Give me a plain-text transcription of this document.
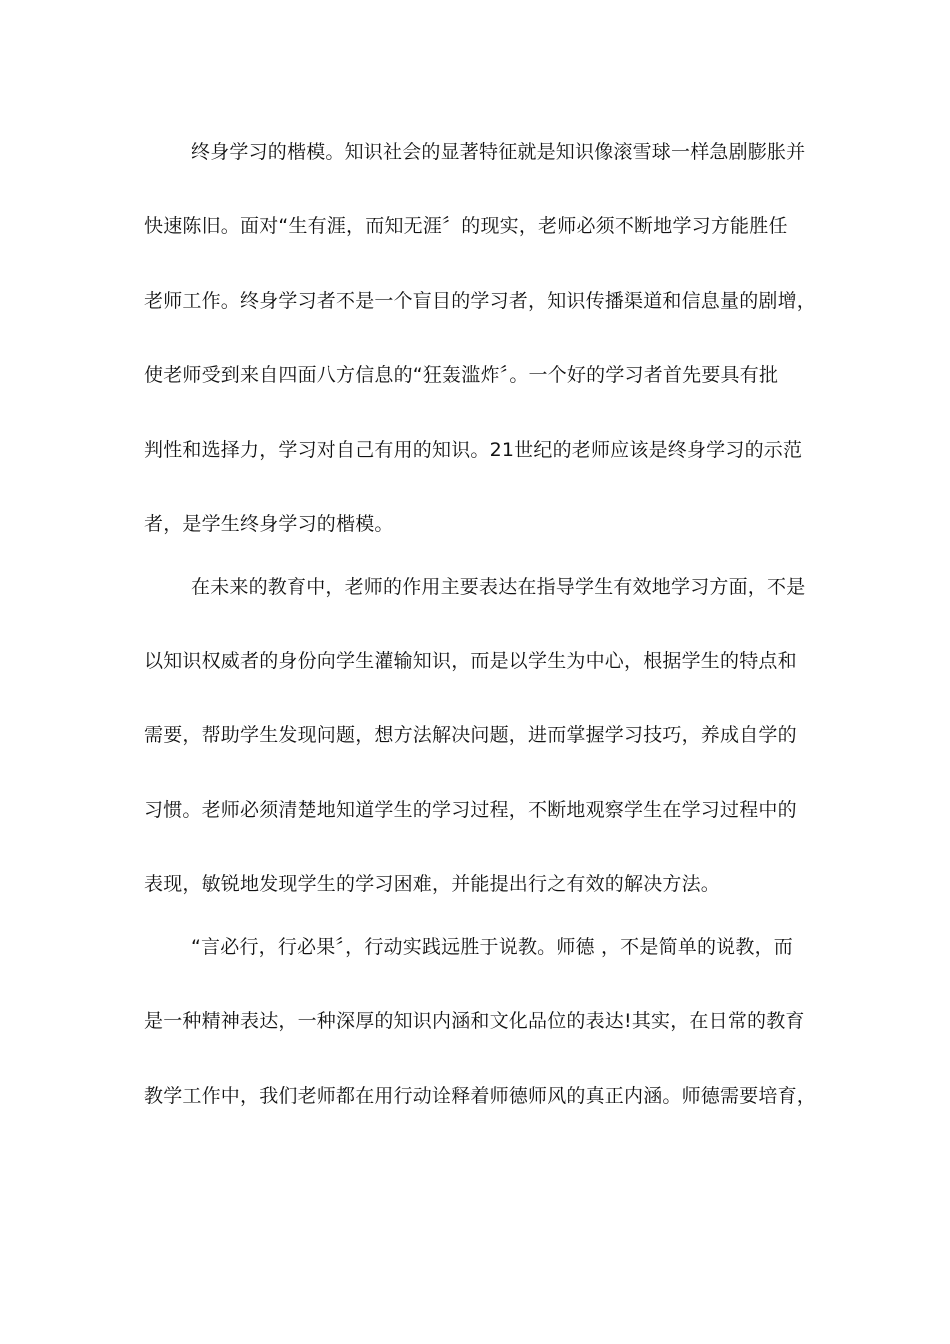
终身学习的楷模。知识社会的显著特征就是知识像滚雪球一样急剧膨胀并
快速陈旧。面对“生有涯，而知无涯〞的现实，老师必须不断地学习方能胜任
老师工作。终身学习者不是一个盲目的学习者，知识传播渠道和信息量的剧增，
使老师受到来自四面八方信息的“狂轰滥炸〞。一个好的学习者首先要具有批
判性和选择力，学习对自己有用的知识。21世纪的老师应该是终身学习的示范
者，是学生终身学习的楷模。
在未来的教育中，老师的作用主要表达在指导学生有效地学习方面，不是
以知识权威者的身份向学生灌输知识，而是以学生为中心，根据学生的特点和
需要，帮助学生发现问题，想方法解决问题，进而掌握学习技巧，养成自学的
习惯。老师必须清楚地知道学生的学习过程，不断地观察学生在学习过程中的
表现，敏锐地发现学生的学习困难，并能提出行之有效的解决方法。
“言必行，行必果〞，行动实践远胜于说教。师德 ，不是简单的说教，而
是一种精神表达，一种深厚的知识内涵和文化品位的表达!其实，在日常的教育
教学工作中，我们老师都在用行动诠释着师德师风的真正内涵。师德需要培育，
